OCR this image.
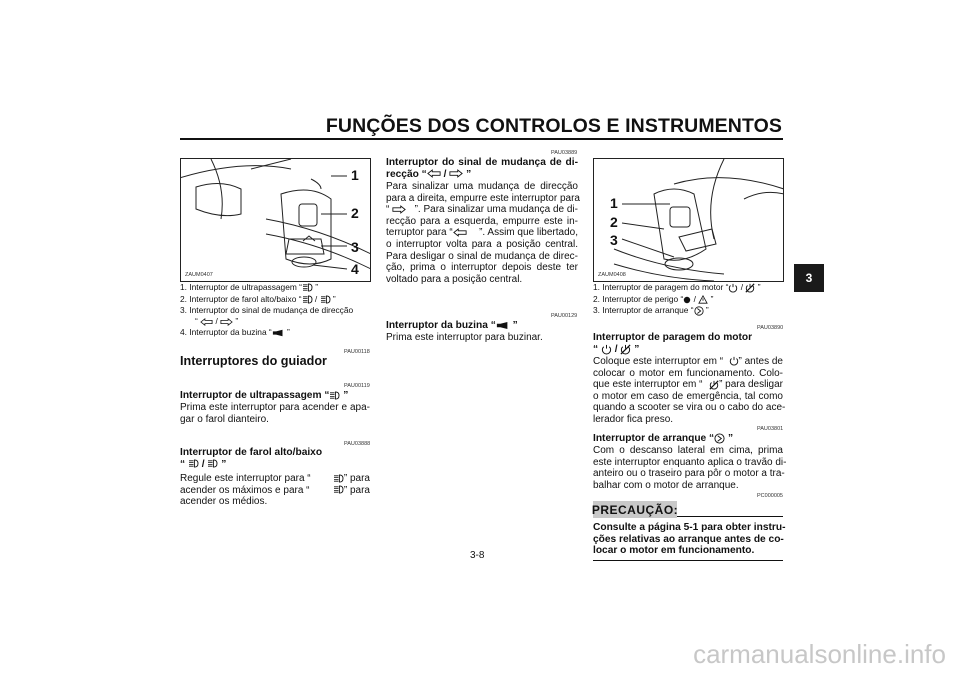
FUNÇÕES DOS CONTROLOS E INSTRUMENTOS
3
1
2
3
4
ZAUM0407
1. Interruptor de ultrapassagem “ ”
2. Interruptor de farol alto/baixo “ /  ”
3. Interruptor do sinal de mudança de direcção
“  /  ”
4. Interruptor da buzina “ ”
PAU00118
Interruptores do guiador
PAU00119
Interruptor de ultrapassagem “ ”
Prima este interruptor para acender e apa-
gar o farol dianteiro.
PAU03888
Interruptor de farol alto/baixo
“  /  ”
Regule este interruptor para “	” para
acender os máximos e para “	” para
acender os médios.
PAU03889
Interruptor do sinal de mudança de di-
recção “ /  ”
Para sinalizar uma mudança de direcção
para a direita, empurre este interruptor para
“	”. Para sinalizar uma mudança de di-
recção para a esquerda, empurre este in-
terruptor para “	”. Assim que libertado,
o interruptor volta para a posição central.
Para desligar o sinal de mudança de direc-
ção, prima o interruptor depois deste ter
voltado para a posição central.
PAU00129
Interruptor da buzina “ ”
Prima este interruptor para buzinar.
1
2
3
ZAUM0408
1. Interruptor de paragem do motor “ /  ”
2. Interruptor de perigo “ /  ”
3. Interruptor de arranque “ ”
PAU03890
Interruptor de paragem do motor
“  /  ”
Coloque este interruptor em “	” antes de
colocar o motor em funcionamento. Colo-
que este interruptor em “	” para desligar
o motor em caso de emergência, tal como
quando a scooter se vira ou o cabo do ace-
lerador fica preso.
PAU03801
Interruptor de arranque “ ”
Com o descanso lateral em cima, prima
este interruptor enquanto aplica o travão di-
anteiro ou o traseiro para pôr o motor a tra-
balhar com o motor de arranque.
PC000005
PRECAUÇÃO:
Consulte a página 5-1 para obter instru-
ções relativas ao arranque antes de co-
locar o motor em funcionamento.
3-8
carmanualsonline.info
